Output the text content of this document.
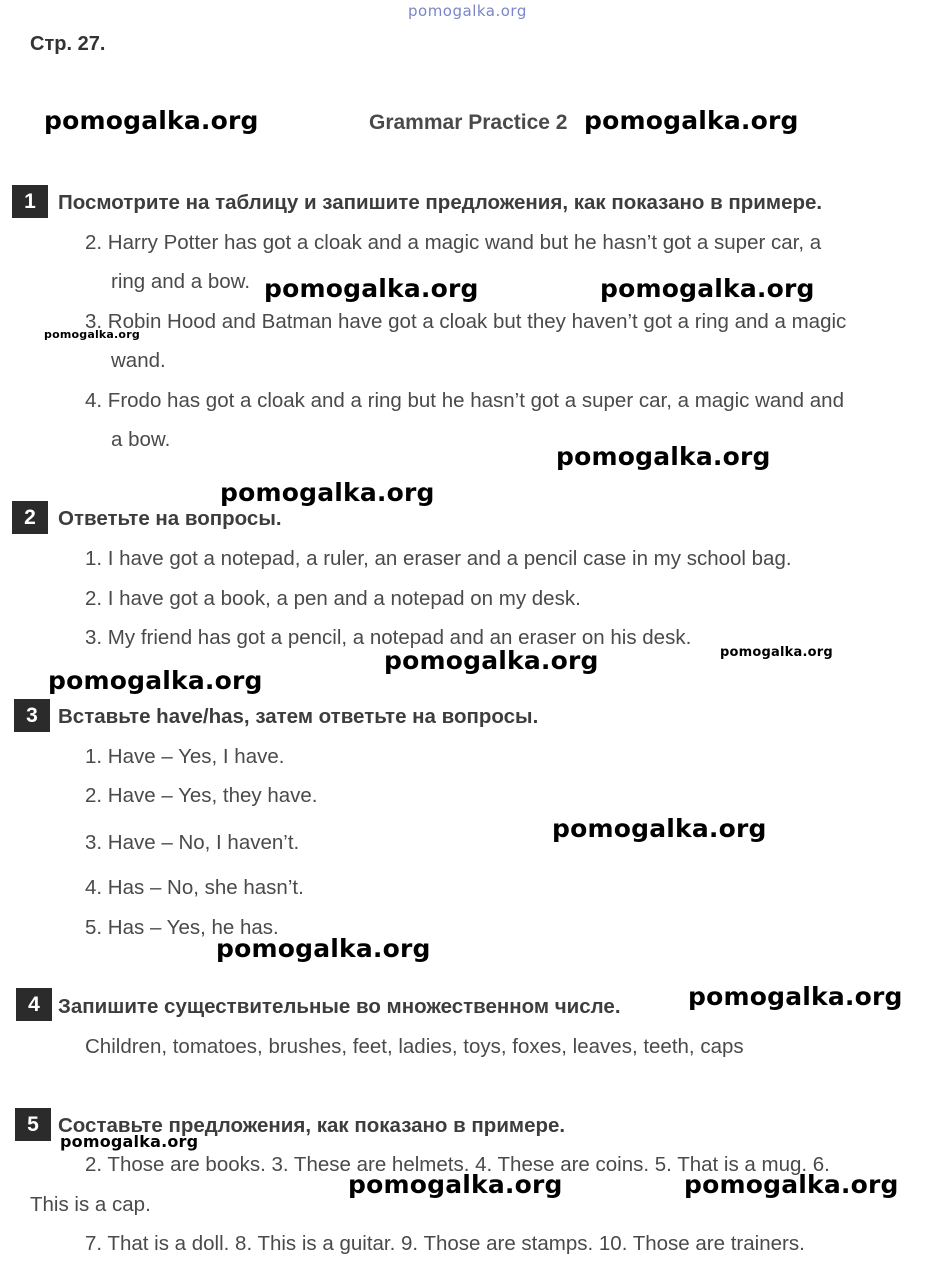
pomogalka.org
Стр. 27.
Grammar Practice 2
1	Посмотрите на таблицу и запишите предложения, как показано в примере.
2. Harry Potter has got a cloak and a magic wand but he hasn’t got a super car, a
ring and a bow.
3. Robin Hood and Batman have got a cloak but they haven’t got a ring and a magic
wand.
4. Frodo has got a cloak and a ring but he hasn’t got a super car, a magic wand and
a bow.
2	Ответьте на вопросы.
1. I have got a notepad, a ruler, an eraser and a pencil case in my school bag.
2. I have got a book, a pen and a notepad on my desk.
3. My friend has got a pencil, a notepad and an eraser on his desk.
3 Вставьте have/has, затем ответьте на вопросы.
1. Have – Yes, I have.
2. Have – Yes, they have.
3. Have – No, I haven’t.
4. Has – No, she hasn’t.
5. Has – Yes, he has.
4 Запишите существительные во множественном числе.
Children, tomatoes, brushes, feet, ladies, toys, foxes, leaves, teeth, caps
5 Составьте предложения, как показано в примере.
2. Those are books. 3. These are helmets. 4. These are coins. 5. That is a mug. 6.
This is a cap.
7. That is a doll. 8. This is a guitar. 9. Those are stamps. 10. Those are trainers.
pomogalka.org	pomogalka.org
pomogalka.org	pomogalka.org
pomogalka.org
pomogalka.org
pomogalka.org
pomogalka.org	pomogalka.org
pomogalka.org
pomogalka.org
pomogalka.org
pomogalka.org
pomogalka.org
pomogalka.org	pomogalka.org
